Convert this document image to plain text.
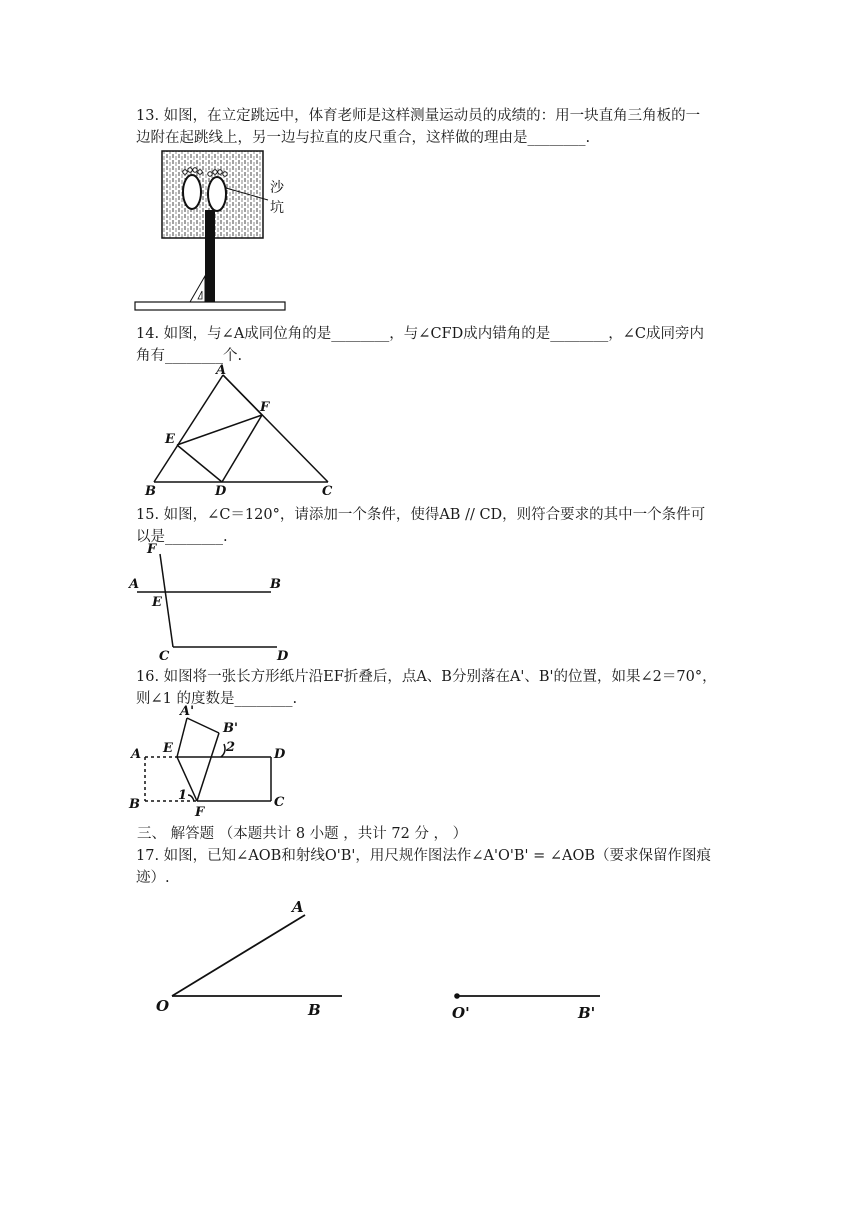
13. 如图，在立定跳远中，体育老师是这样测量运动员的成绩的：用一块直角三角板的一
边附在起跳线上，另一边与拉直的皮尺重合，这样做的理由是________.
沙
坑
14. 如图，与∠A成同位角的是________，与∠CFD成内错角的是________，∠C成同旁内
角有________个.
A
E
F
B	D	C
15. 如图，∠C＝120°，请添加一个条件，使得AB // CD，则符合要求的其中一个条件可
以是________.
F
A	B
E
C	D
16. 如图将一张长方形纸片沿EF折叠后，点A、B分别落在A'、B'的位置，如果∠2＝70°，
则∠1 的度数是________.
A'
B'
A E	2	D
B
1
F
C
三、 解答题 （本题共计 8 小题 ，共计 72 分 ， ）
17. 如图，已知∠AOB和射线O'B'，用尺规作图法作∠A'O'B' = ∠AOB（要求保留作图痕
迹）.
A
O	B	O'	B'
